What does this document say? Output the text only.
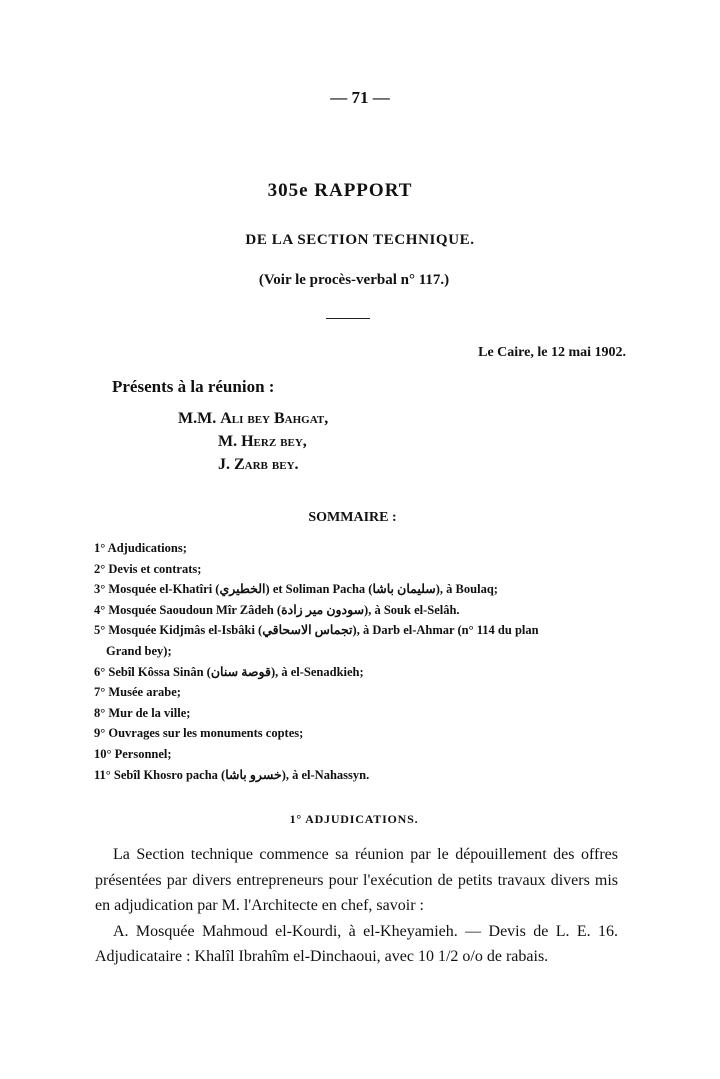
— 71 —
305e RAPPORT
DE LA SECTION TECHNIQUE.
(Voir le procès-verbal n° 117.)
Le Caire, le 12 mai 1902.
Présents à la réunion :
M.M. Ali bey Bahgat,
M. Herz bey,
J. Zarb bey.
SOMMAIRE :
1° Adjudications;
2° Devis et contrats;
3° Mosquée el-Khatîri (الخطيري) et Soliman Pacha (سليمان باشا), à Boulaq;
4° Mosquée Saoudoun Mîr Zâdeh (سودون مير زادة), à Souk el-Selâh.
5° Mosquée Kidjmâs el-Isbâki (تجماس الاسحاقي), à Darb el-Ahmar (n° 114 du plan
Grand bey);
6° Sebîl Kôssa Sinân (قوصة سنان), à el-Senadkieh;
7° Musée arabe;
8° Mur de la ville;
9° Ouvrages sur les monuments coptes;
10° Personnel;
11° Sebîl Khosro pacha (خسرو باشا), à el-Nahassyn.
1° ADJUDICATIONS.

La Section technique commence sa réunion par le dépouillement des offres présentées par divers entrepreneurs pour l'exécution de petits travaux divers mis en adjudication par M. l'Architecte en chef, savoir :

A. Mosquée Mahmoud el-Kourdi, à el-Kheyamieh. — Devis de L. E. 16. Adjudicataire : Khalîl Ibrahîm el-Dinchaoui, avec 10 1/2 o/o de rabais.
